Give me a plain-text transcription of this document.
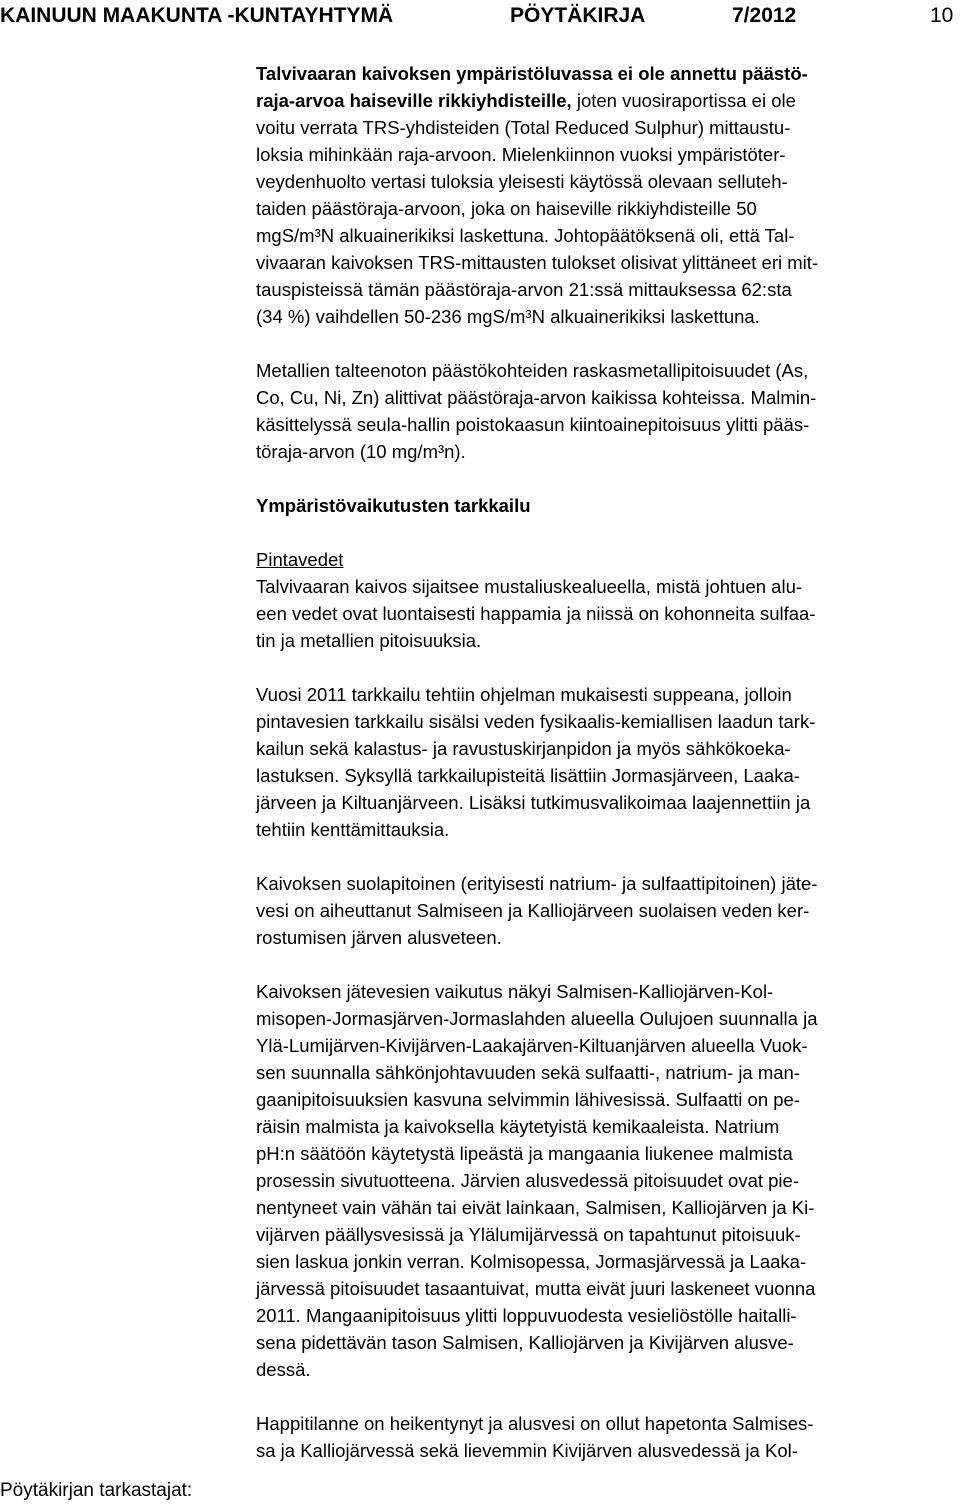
KAINUUN MAAKUNTA -KUNTAYHTYMÄ	PÖYTÄKIRJA	7/2012	10
Talvivaaran kaivoksen ympäristöluvassa ei ole annettu päästö-
raja-arvoa haiseville rikkiyhdisteille, joten vuosiraportissa ei ole
voitu verrata TRS-yhdisteiden (Total Reduced Sulphur) mittaustu-
loksia mihinkään raja-arvoon. Mielenkiinnon vuoksi ympäristöter-
veydenhuolto vertasi tuloksia yleisesti käytössä olevaan selluteh-
taiden päästöraja-arvoon, joka on haiseville rikkiyhdisteille 50
mgS/m³N alkuainerikiksi laskettuna. Johtopäätöksenä oli, että Tal-
vivaaran kaivoksen TRS-mittausten tulokset olisivat ylittäneet eri mit-
tauspisteissä tämän päästöraja-arvon 21:ssä mittauksessa 62:sta
(34 %) vaihdellen 50-236 mgS/m³N alkuainerikiksi laskettuna.
Metallien talteenoton päästökohteiden raskasmetallipitoisuudet (As,
Co, Cu, Ni, Zn) alittivat päästöraja-arvon kaikissa kohteissa. Malmin-
käsittelyssä seula-hallin poistokaasun kiintoainepitoisuus ylitti pääs-
töraja-arvon (10 mg/m³n).
Ympäristövaikutusten tarkkailu
Pintavedet
Talvivaaran kaivos sijaitsee mustaliuskealueella, mistä johtuen alu-
een vedet ovat luontaisesti happamia ja niissä on kohonneita sulfaa-
tin ja metallien pitoisuuksia.
Vuosi 2011 tarkkailu tehtiin ohjelman mukaisesti suppeana, jolloin
pintavesien tarkkailu sisälsi veden fysikaalis-kemiallisen laadun tark-
kailun sekä kalastus- ja ravustuskirjanpidon ja myös sähkökoeka-
lastuksen. Syksyllä tarkkailupisteitä lisättiin Jormasjärveen, Laaka-
järveen ja Kiltuanjärveen. Lisäksi tutkimusvalikoimaa laajennettiin ja
tehtiin kenttämittauksia.
Kaivoksen suolapitoinen (erityisesti natrium- ja sulfaattipitoinen) jäte-
vesi on aiheuttanut Salmiseen ja Kalliojärveen suolaisen veden ker-
rostumisen järven alusveteen.
Kaivoksen jätevesien vaikutus näkyi Salmisen-Kalliojärven-Kol-
misopen-Jormasjärven-Jormaslahden alueella Oulujoen suunnalla ja
Ylä-Lumijärven-Kivijärven-Laakajärven-Kiltuanjärven alueella Vuok-
sen suunnalla sähkönjohtavuuden sekä sulfaatti-, natrium- ja man-
gaanipitoisuuksien kasvuna selvimmin lähivesissä. Sulfaatti on pe-
räisin malmista ja kaivoksella käytetyistä kemikaaleista. Natrium
pH:n säätöön käytetystä lipeästä ja mangaania liukenee malmista
prosessin sivutuotteena. Järvien alusvedessä pitoisuudet ovat pie-
nentyneet vain vähän tai eivät lainkaan, Salmisen, Kalliojärven ja Ki-
vijärven päällysvesissä ja Ylälumijärvessä on tapahtunut pitoisuuk-
sien laskua jonkin verran. Kolmisopessa, Jormasjärvessä ja Laaka-
järvessä pitoisuudet tasaantuivat, mutta eivät juuri laskeneet vuonna
2011. Mangaanipitoisuus ylitti loppuvuodesta vesieliöstölle haitalli-
sena pidettävän tason Salmisen, Kalliojärven ja Kivijärven alusve-
dessä.
Happitilanne on heikentynyt ja alusvesi on ollut hapetonta Salmises-
sa ja Kalliojärvessä sekä lievemmin Kivijärven alusvedessä ja Kol-
Pöytäkirjan tarkastajat:
